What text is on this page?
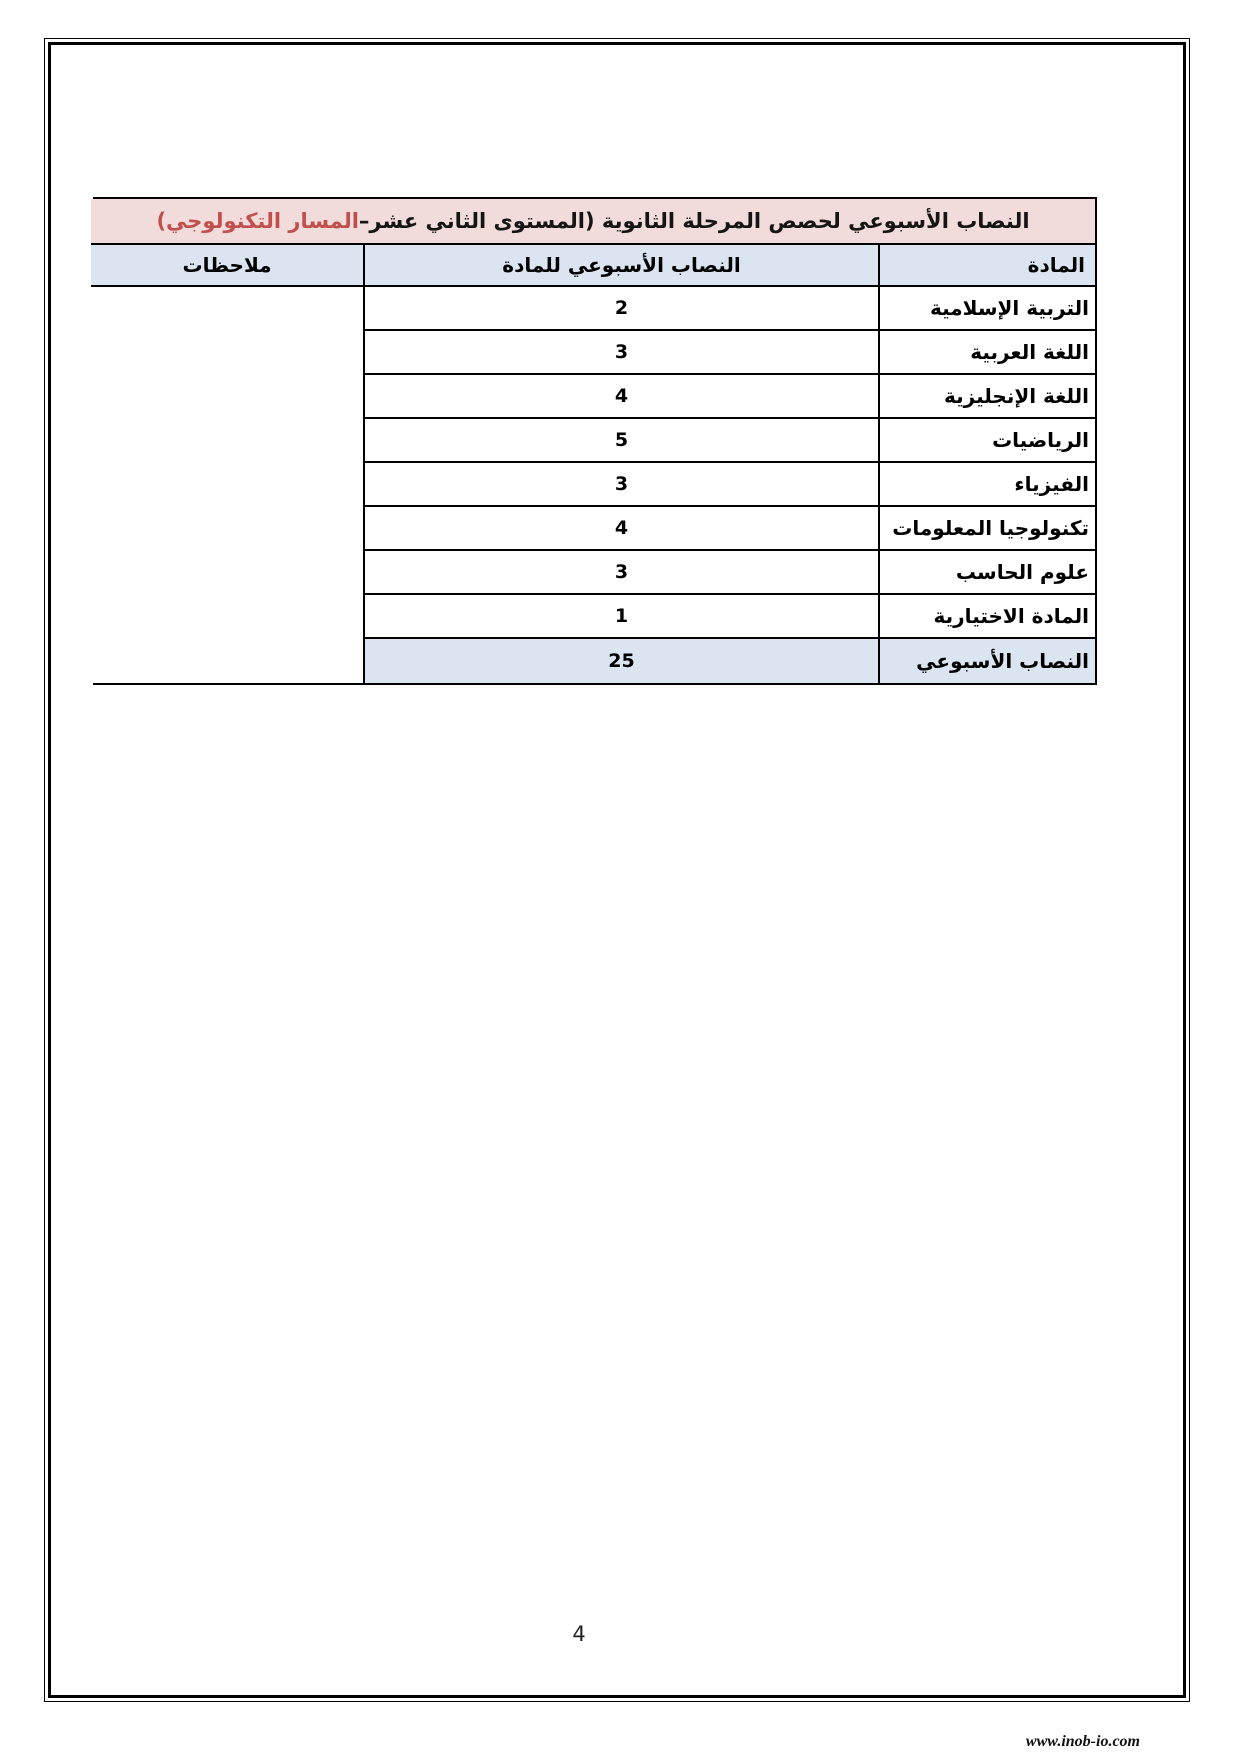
النصاب الأسبوعي لحصص المرحلة الثانوية (المستوى الثاني عشر–
المسار التكنولوجي)
المادة
النصاب الأسبوعي للمادة
ملاحظات
التربية الإسلامية
2
اللغة العربية
3
اللغة الإنجليزية
4
الرياضيات
5
الفيزياء
3
تكنولوجيا المعلومات
4
علوم الحاسب
3
المادة الاختيارية
1
النصاب الأسبوعي
25
4
www.inob-io.com
